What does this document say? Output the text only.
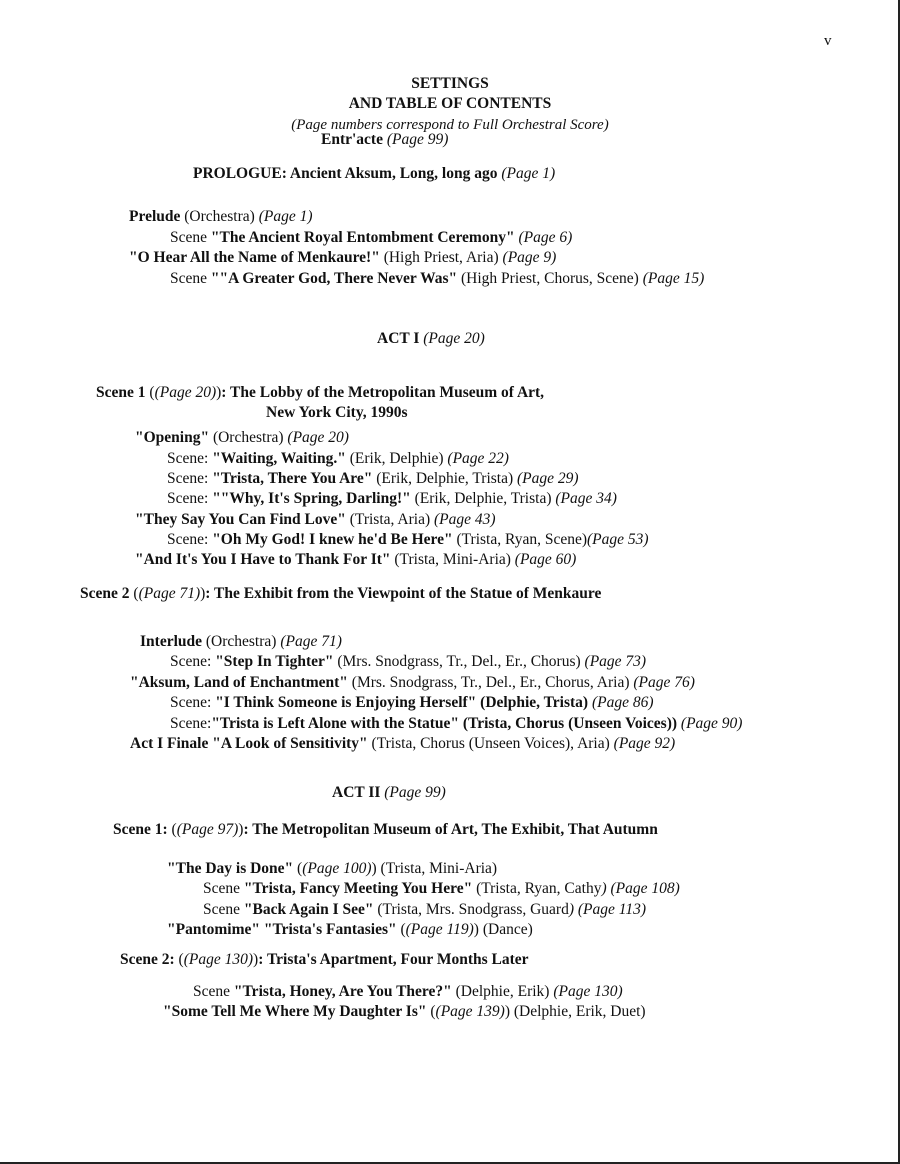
v
SETTINGS
AND TABLE OF CONTENTS
(Page numbers correspond to Full Orchestral Score)
Entr'acte (Page 99)
PROLOGUE: Ancient Aksum, Long, long ago (Page 1)
Prelude (Orchestra) (Page 1)
Scene "The Ancient Royal Entombment Ceremony" (Page 6)
"O Hear All the Name of Menkaure!" (High Priest, Aria) (Page 9)
Scene ""A Greater God, There Never Was" (High Priest, Chorus, Scene) (Page 15)
ACT I (Page 20)
Scene 1 ((Page 20)): The Lobby of the Metropolitan Museum of Art,
New York City, 1990s
"Opening" (Orchestra) (Page 20)
Scene: "Waiting, Waiting." (Erik, Delphie) (Page 22)
Scene: "Trista, There You Are" (Erik, Delphie, Trista) (Page 29)
Scene: ""Why, It's Spring, Darling!" (Erik, Delphie, Trista) (Page 34)
"They Say You Can Find Love" (Trista, Aria) (Page 43)
Scene: "Oh My God! I knew he'd Be Here" (Trista, Ryan, Scene)(Page 53)
"And It's You I Have to Thank For It" (Trista, Mini-Aria) (Page 60)
Scene 2 ((Page 71)): The Exhibit from the Viewpoint of the Statue of Menkaure
Interlude (Orchestra) (Page 71)
Scene: "Step In Tighter" (Mrs. Snodgrass, Tr., Del., Er., Chorus) (Page 73)
"Aksum, Land of Enchantment" (Mrs. Snodgrass, Tr., Del., Er., Chorus, Aria) (Page 76)
Scene: "I Think Someone is Enjoying Herself" (Delphie, Trista) (Page 86)
Scene:"Trista is Left Alone with the Statue" (Trista, Chorus (Unseen Voices)) (Page 90)
Act I Finale "A Look of Sensitivity" (Trista, Chorus (Unseen Voices), Aria) (Page 92)
ACT II (Page 99)
Scene 1: ((Page 97)): The Metropolitan Museum of Art, The Exhibit, That Autumn
"The Day is Done" ((Page 100)) (Trista, Mini-Aria)
Scene "Trista, Fancy Meeting You Here" (Trista, Ryan, Cathy) (Page 108)
Scene "Back Again I See" (Trista, Mrs. Snodgrass, Guard) (Page 113)
"Pantomime" "Trista's Fantasies" ((Page 119)) (Dance)
Scene 2: ((Page 130)): Trista's Apartment, Four Months Later
Scene "Trista, Honey, Are You There?" (Delphie, Erik) (Page 130)
"Some Tell Me Where My Daughter Is" ((Page 139)) (Delphie, Erik, Duet)
